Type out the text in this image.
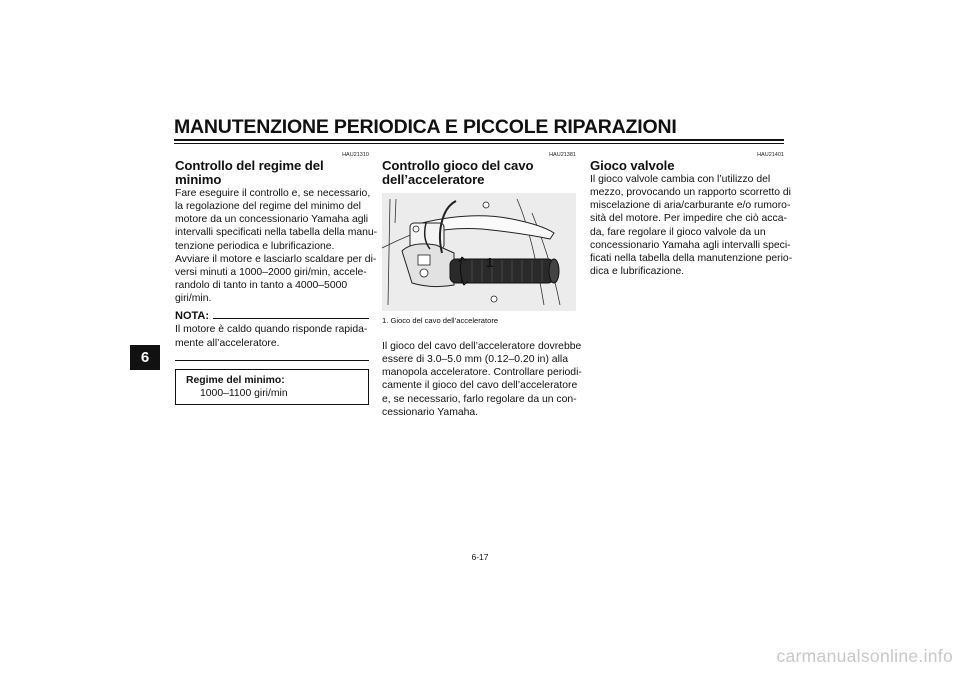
MANUTENZIONE PERIODICA E PICCOLE RIPARAZIONI
6
HAU21310
Controllo del regime del minimo

Fare eseguire il controllo e, se necessario,
la regolazione del regime del minimo del
motore da un concessionario Yamaha agli
intervalli specificati nella tabella della manu-
tenzione periodica e lubrificazione.
Avviare il motore e lasciarlo scaldare per di-
versi minuti a 1000–2000 giri/min, accele-
randolo di tanto in tanto a 4000–5000
giri/min.

NOTA:

Il motore è caldo quando risponde rapida-
mente all’acceleratore.

Regime del minimo:
1000–1100 giri/min
HAU21381
Controllo gioco del cavo
dell’acceleratore
1
1. Gioco del cavo dell’acceleratore

Il gioco del cavo dell’acceleratore dovrebbe
essere di 3.0–5.0 mm (0.12–0.20 in) alla
manopola acceleratore. Controllare periodi-
camente il gioco del cavo dell’acceleratore
e, se necessario, farlo regolare da un con-
cessionario Yamaha.

HAU21401
Gioco valvole

Il gioco valvole cambia con l’utilizzo del
mezzo, provocando un rapporto scorretto di
miscelazione di aria/carburante e/o rumoro-
sità del motore. Per impedire che ciò acca-
da, fare regolare il gioco valvole da un
concessionario Yamaha agli intervalli speci-
ficati nella tabella della manutenzione perio-
dica e lubrificazione.

6-17
carmanualsonline.info
